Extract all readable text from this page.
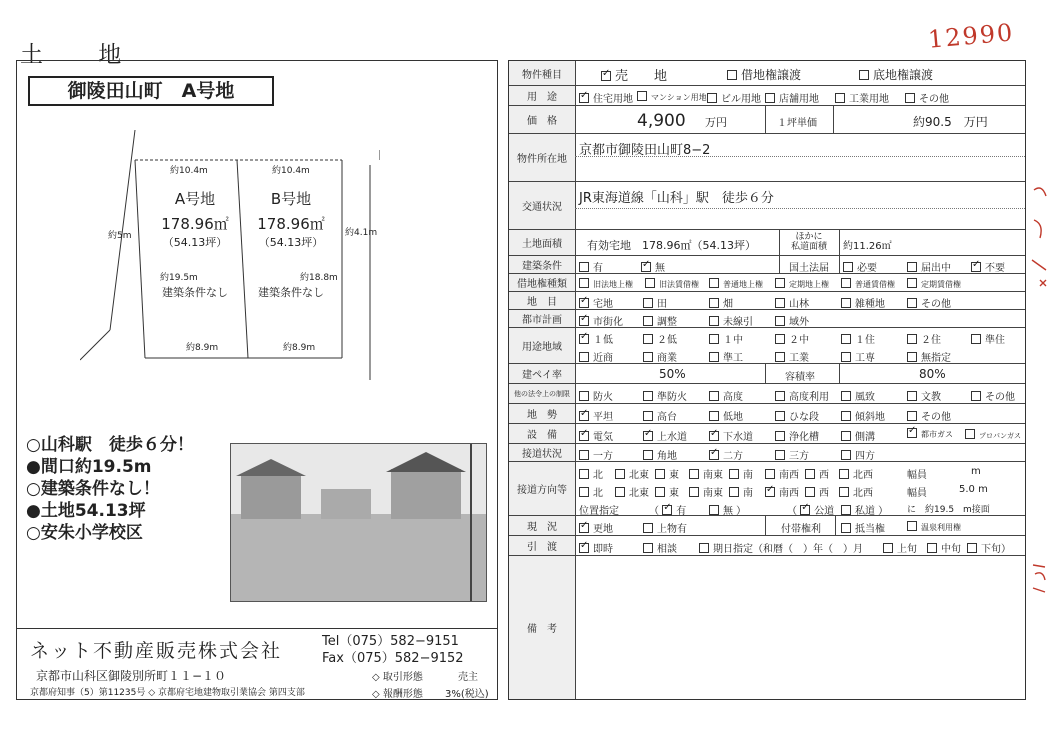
土 地
12990
御陵田山町　A号地
約10.4m	約10.4m
約5m	約4.1m
約19.5m	約18.8m
約8.9m	約8.9m
A号地
178.96㎡
（54.13坪）
建築条件なし
B号地
178.96㎡
（54.13坪）
建築条件なし
○山科駅　徒歩６分！
●間口約19.5m
○建築条件なし！
●土地54.13坪
○安朱小学校区
ネット不動産販売株式会社	Tel（075）582−9151
Fax（075）582−9152
京都市山科区御陵別所町１１−１０
京都府知事（5）第11235号 ◇ 京都府宅地建物取引業協会 第四支部
◇ 取引形態	売主
◇ 報酬形態 3%(税込)
物件種目 ✓	売　　地	借地権譲渡	底地権譲渡
用　途 ✓	住宅用地	マンション用地	ビル用地	店舗用地	工業用地	その他
価　格	4,900 万円	１坪単価	約90.5　万円
物件所在地
京都市御陵田山町8−2
交通状況
JR東海道線「山科」駅　徒歩６分
土地面積	有効宅地　178.96㎡（54.13坪）
ほかに
私道面積	約11.26㎡
建築条件	有 ✓	無	国土法届	必要	届出中 ✓	不要
借地権種類	旧法地上権	旧法賃借権	普通地上権	定期地上権	普通賃借権	定期賃借権
地　目 ✓	宅地	田	畑	山林	雑種地	その他
都市計画 ✓	市街化	調整	未線引	域外
用途地域
✓１低	２低	１中	２中	１住	２住	準住
近商	商業	準工	工業	工専	無指定
建ペイ率	50%	容積率	80%
他の法令上の制限	防火	準防火	高度	高度利用	風致	文教	その他
地　勢 ✓	平坦	高台	低地	ひな段	傾斜地	その他
設　備 ✓	電気 ✓	上水道 ✓	下水道	浄化槽	側溝 ✓	都市ガス	プロパンガス
接道状況	一方	角地 ✓	二方	三方	四方
接道方向等
北	北東	東	南東	南	南西	西	北西	幅員	m
北	北東	東	南東	南 ✓	南西	西	北西	幅員	5.0 m
位置指定	（ ✓有	無 ）	（ ✓公道	私道 ） に　約19.5　m接面
現　況 ✓	更地	上物有	付帯権利	抵当権	温泉利用権
引　渡 ✓	即時	相談	期日指定（和暦（　）年（　）月	上旬	中旬	下旬）
備　考
